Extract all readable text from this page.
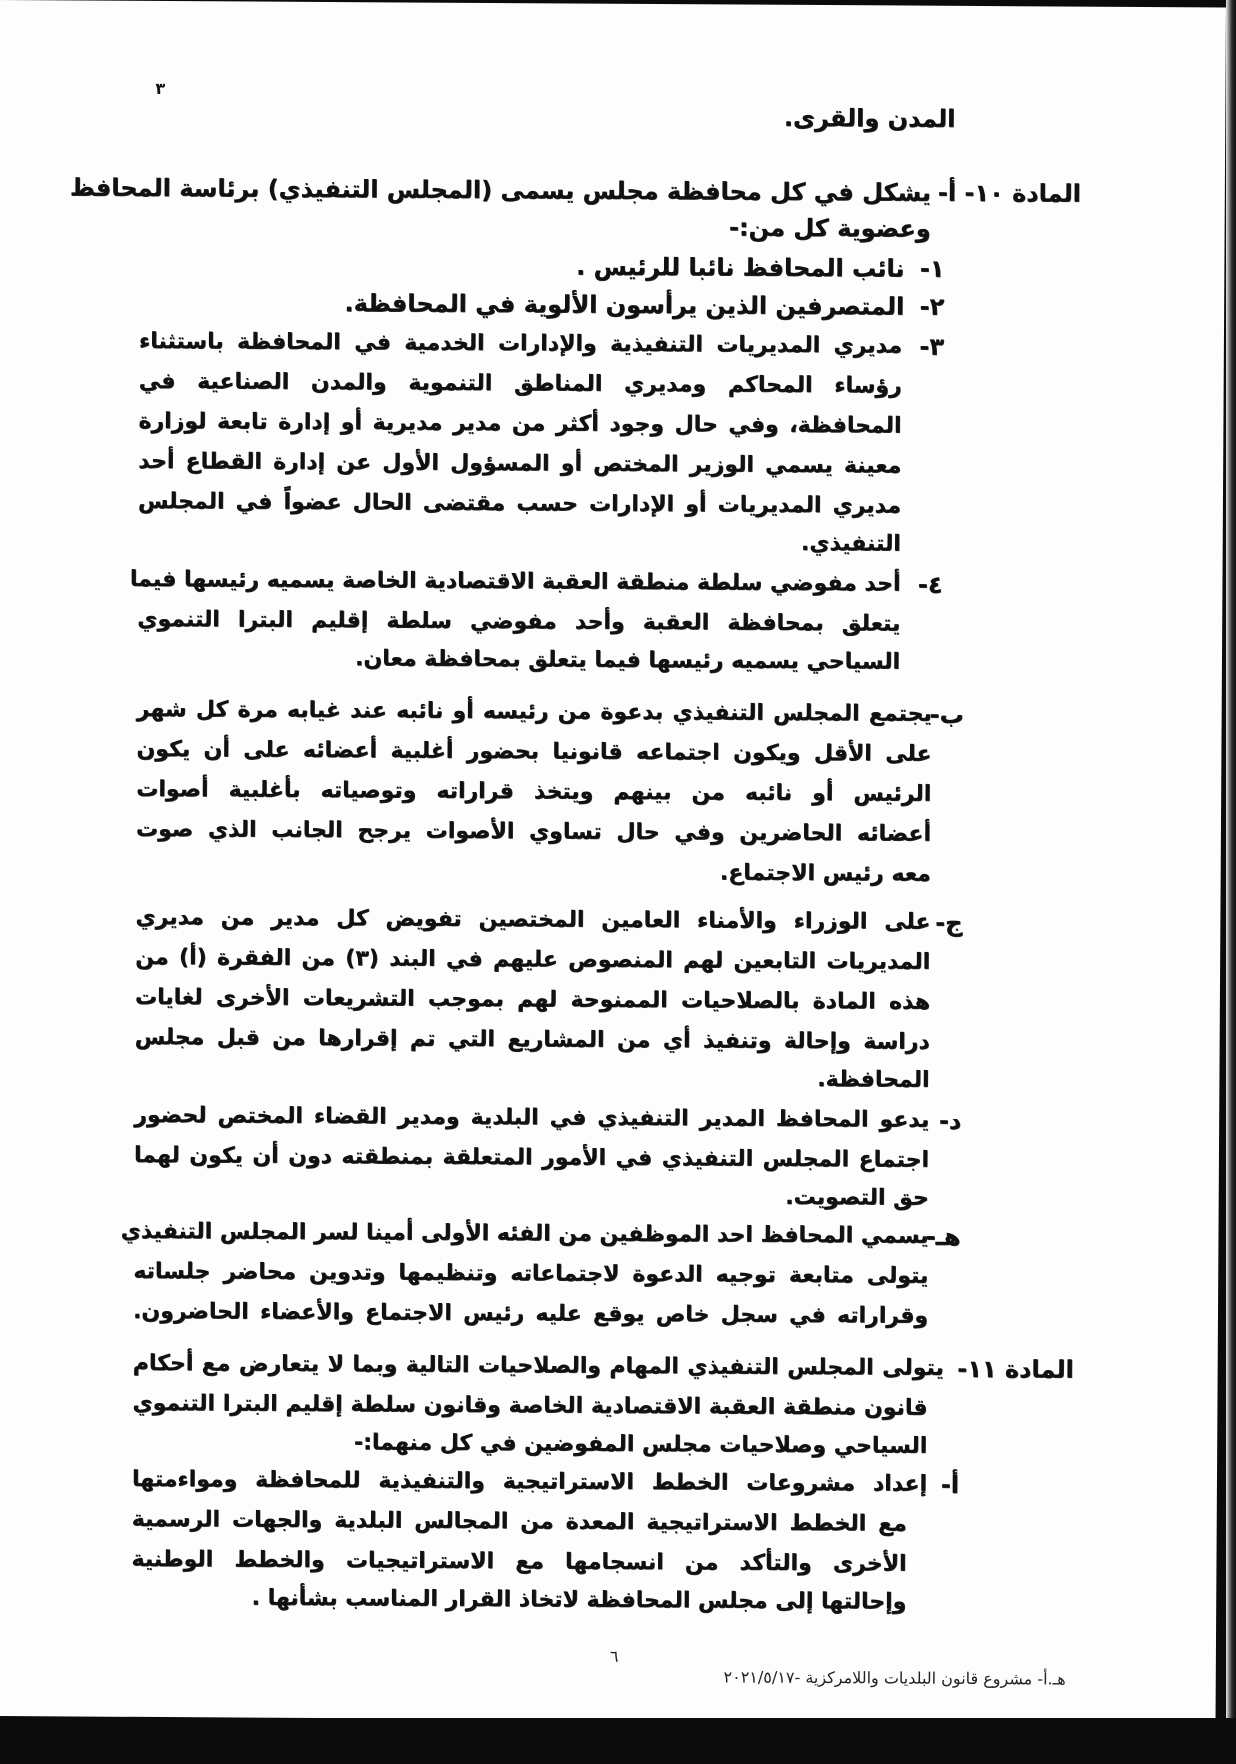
٣
المدن والقرى.
المادة ١٠- أ-
يشكل في كل محافظة مجلس يسمى (المجلس التنفيذي) برئاسة المحافظ
وعضوية كل من:-
١-
نائب المحافظ نائبا للرئيس .
٢-
المتصرفين الذين يرأسون الألوية في المحافظة.
٣-
مديري المديريات التنفيذية والإدارات الخدمية في المحافظة باستثناء
رؤساء المحاكم ومديري المناطق التنموية والمدن الصناعية في
المحافظة، وفي حال وجود أكثر من مدير مديرية أو إدارة تابعة لوزارة
معينة يسمي الوزير المختص أو المسؤول الأول عن إدارة القطاع أحد
مديري المديريات أو الإدارات حسب مقتضى الحال عضواً في المجلس
التنفيذي.
٤-
أحد مفوضي سلطة منطقة العقبة الاقتصادية الخاصة يسميه رئيسها فيما
يتعلق بمحافظة العقبة وأحد مفوضي سلطة إقليم البترا التنموي
السياحي يسميه رئيسها فيما يتعلق بمحافظة معان.
ب-
يجتمع المجلس التنفيذي بدعوة من رئيسه أو نائبه عند غيابه مرة كل شهر
على الأقل ويكون اجتماعه قانونيا بحضور أغلبية أعضائه على أن يكون
الرئيس أو نائبه من بينهم ويتخذ قراراته وتوصياته بأغلبية أصوات
أعضائه الحاضرين وفي حال تساوي الأصوات يرجح الجانب الذي صوت
معه رئيس الاجتماع.
ج-
على الوزراء والأمناء العامين المختصين تفويض كل مدير من مديري
المديريات التابعين لهم المنصوص عليهم في البند (٣) من الفقرة (أ) من
هذه المادة بالصلاحيات الممنوحة لهم بموجب التشريعات الأخرى لغايات
دراسة وإحالة وتنفيذ أي من المشاريع التي تم إقرارها من قبل مجلس
المحافظة.
د-
يدعو المحافظ المدير التنفيذي في البلدية ومدير القضاء المختص لحضور
اجتماع المجلس التنفيذي في الأمور المتعلقة بمنطقته دون أن يكون لهما
حق التصويت.
هـ-
يسمي المحافظ احد الموظفين من الفئه الأولى أمينا لسر المجلس التنفيذي
يتولى متابعة توجيه الدعوة لاجتماعاته وتنظيمها وتدوين محاضر جلساته
وقراراته في سجل خاص يوقع عليه رئيس الاجتماع والأعضاء الحاضرون.
المادة ١١-
يتولى المجلس التنفيذي المهام والصلاحيات التالية وبما لا يتعارض مع أحكام
قانون منطقة العقبة الاقتصادية الخاصة وقانون سلطة إقليم البترا التنموي
السياحي وصلاحيات مجلس المفوضين في كل منهما:-
أ-
إعداد مشروعات الخطط الاستراتيجية والتنفيذية للمحافظة ومواءمتها
مع الخطط الاستراتيجية المعدة من المجالس البلدية والجهات الرسمية
الأخرى والتأكد من انسجامها مع الاستراتيجيات والخطط الوطنية
وإحالتها إلى مجلس المحافظة لاتخاذ القرار المناسب بشأنها .
٦
هـ.أ- مشروع قانون البلديات واللامركزية -٢٠٢١/٥/١٧
